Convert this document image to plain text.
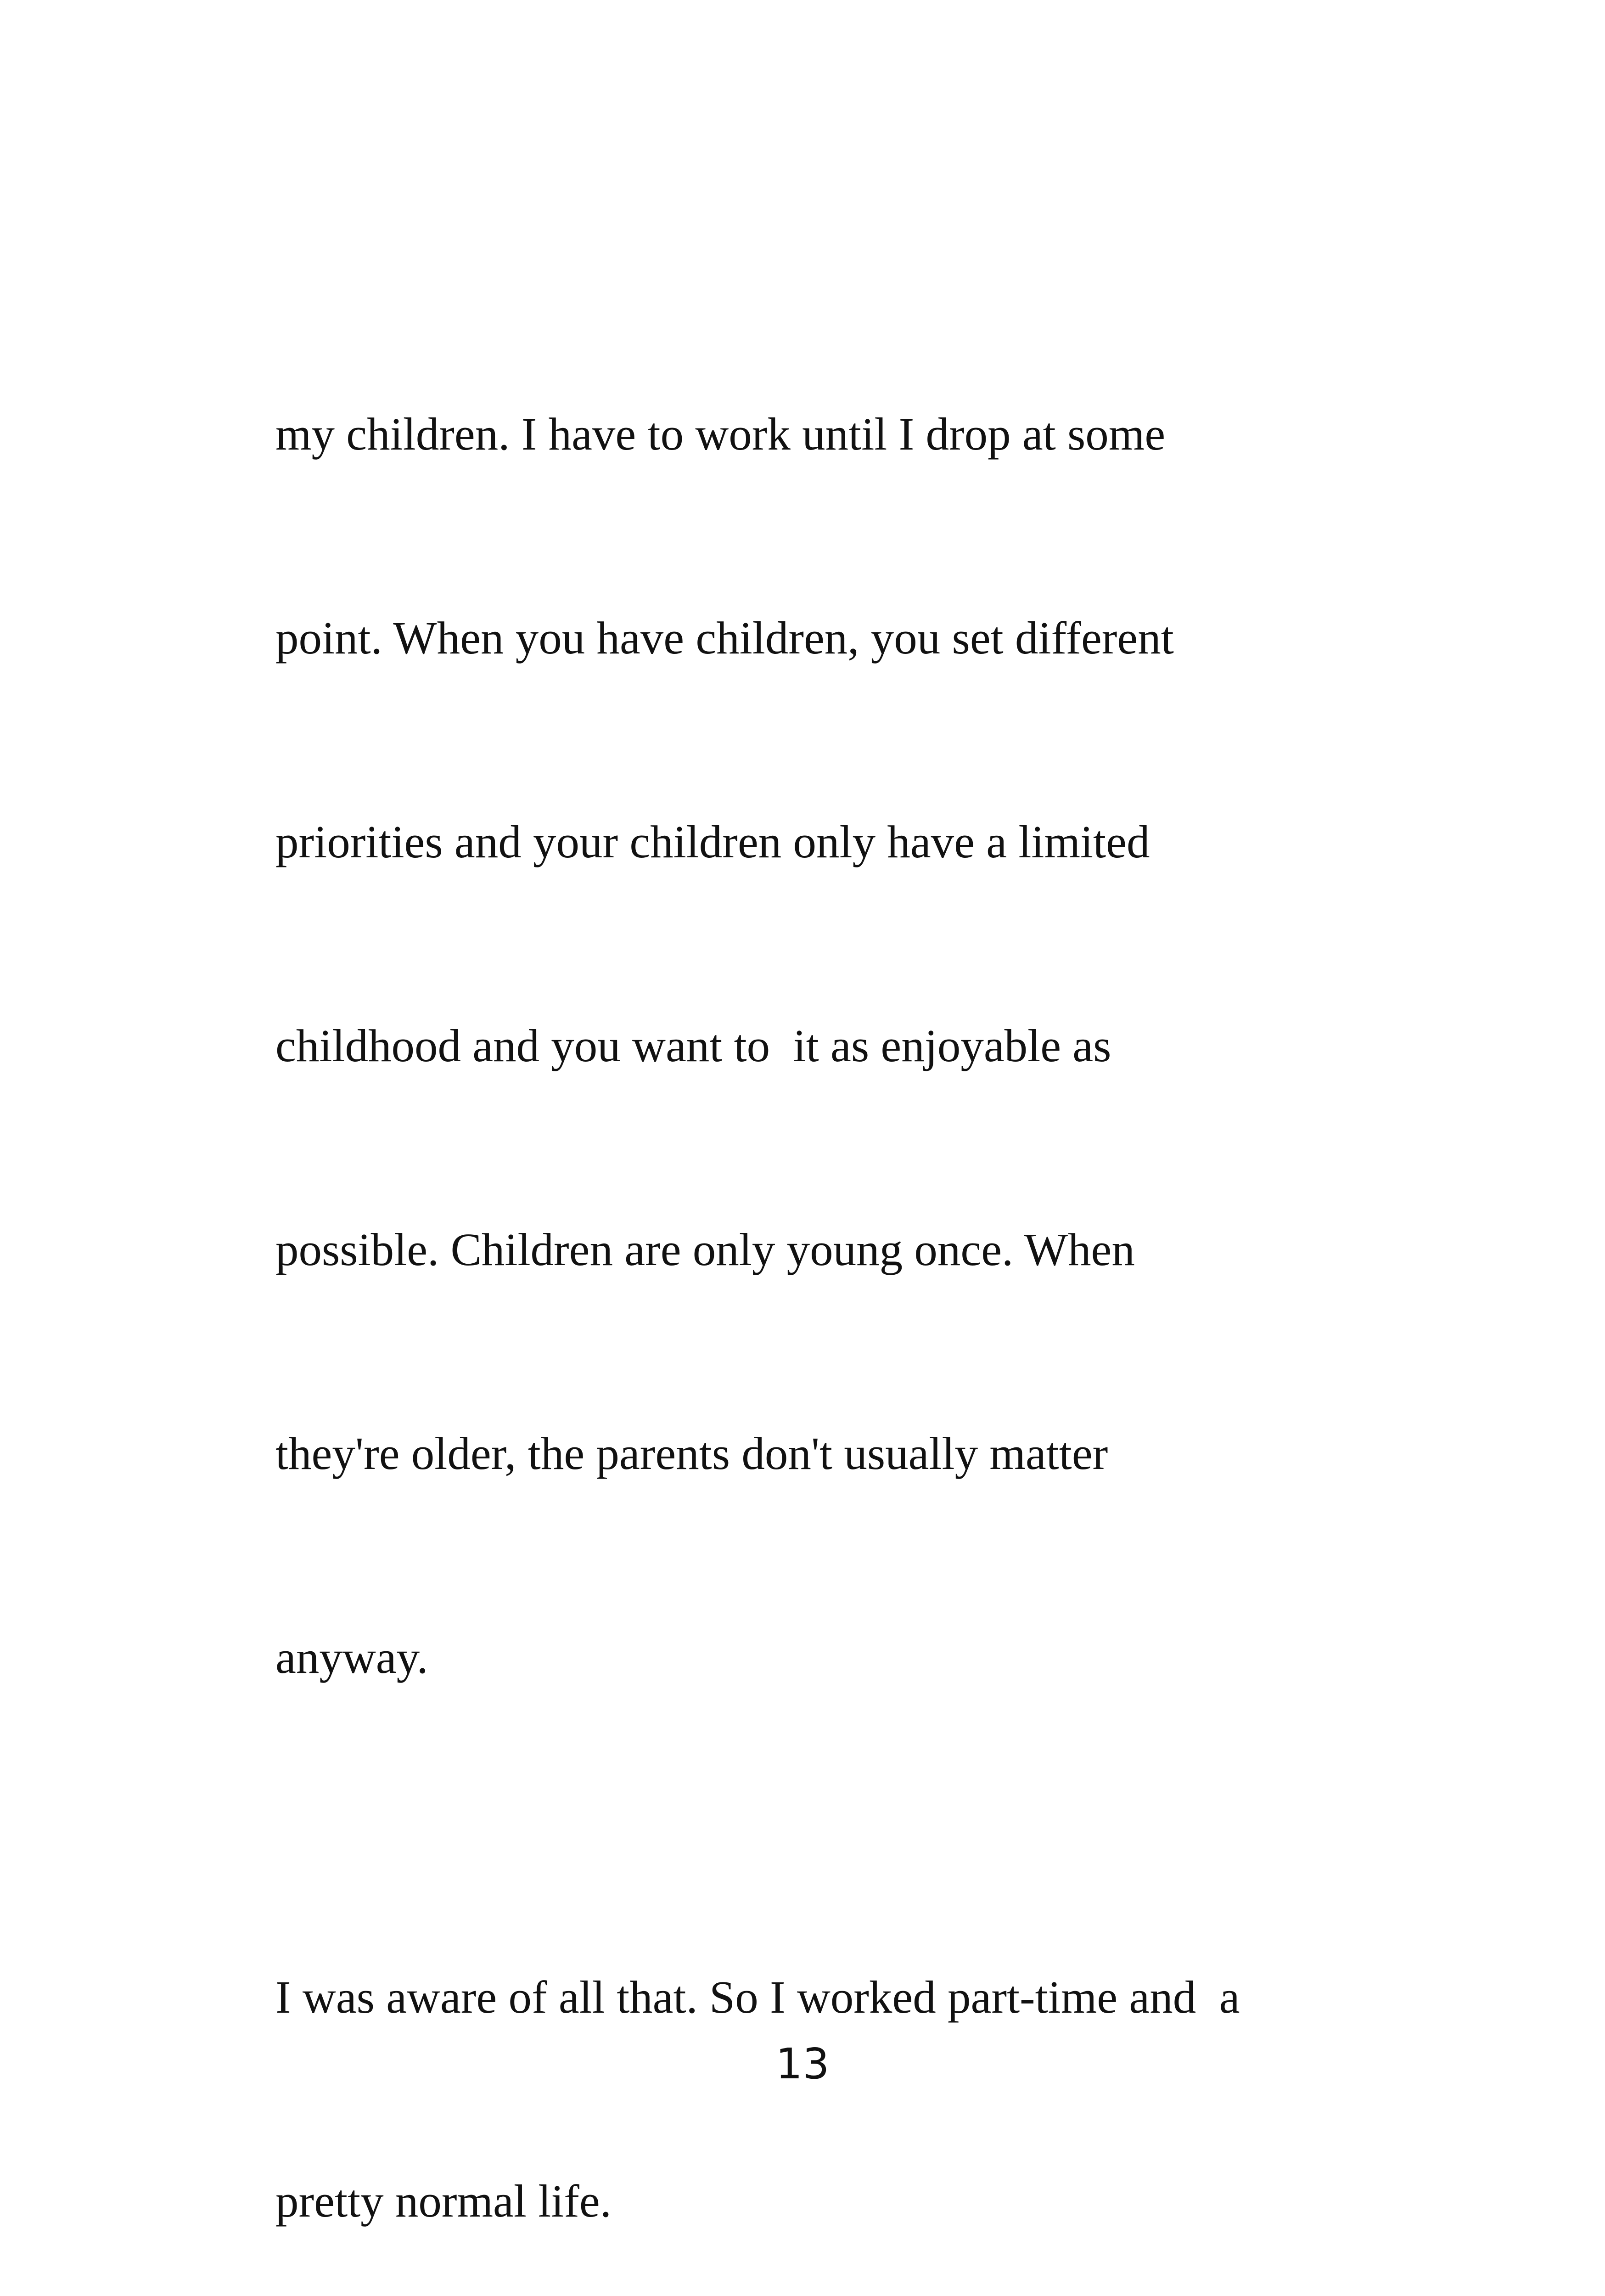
my children. I have to work until I drop at some

point. When you have children, you set different

priorities and your children only have a limited

childhood and you want to  it as enjoyable as

possible. Children are only young once. When

they're older, the parents don't usually matter

anyway.

I was aware of all that. So I worked part-time and  a

pretty normal life.

13
